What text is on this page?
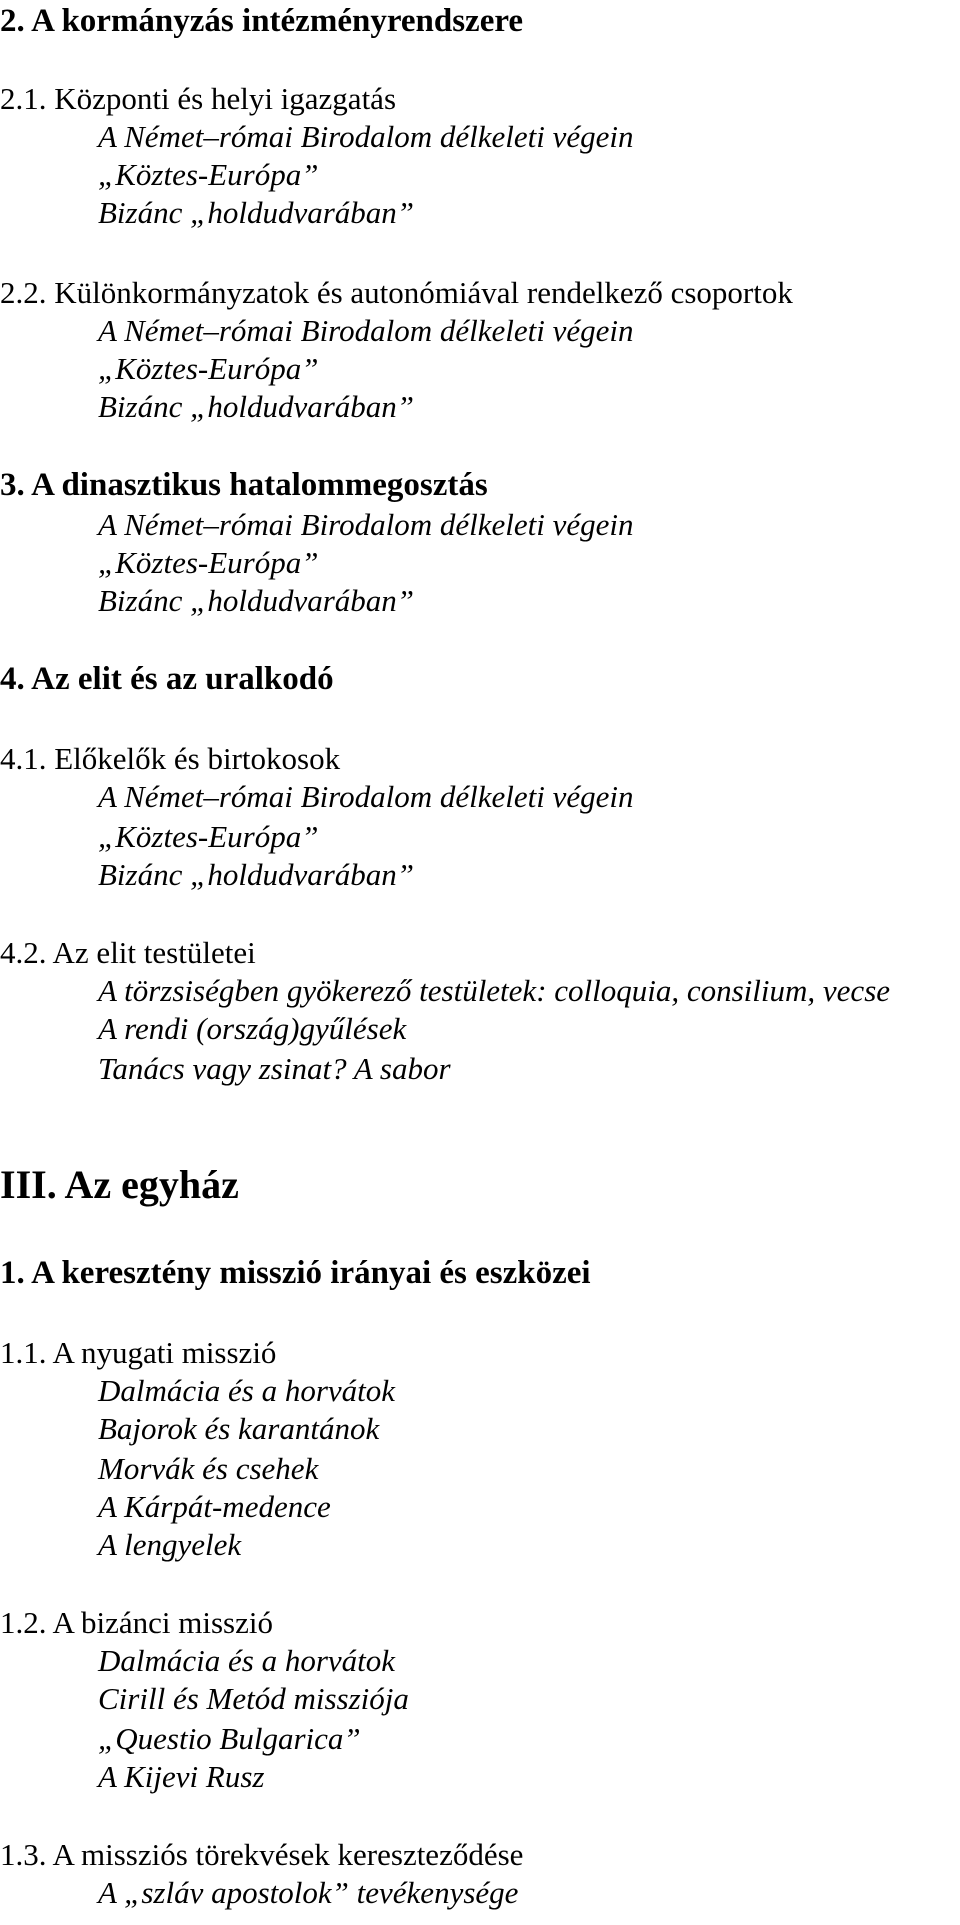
2. A kormányzás intézményrendszere
2.1. Központi és helyi igazgatás
A Német–római Birodalom délkeleti végein
„Köztes-Európa”
Bizánc „holdudvarában”
2.2. Különkormányzatok és autonómiával rendelkező csoportok
A Német–római Birodalom délkeleti végein
„Köztes-Európa”
Bizánc „holdudvarában”
3. A dinasztikus hatalommegosztás
A Német–római Birodalom délkeleti végein
„Köztes-Európa”
Bizánc „holdudvarában”
4. Az elit és az uralkodó
4.1. Előkelők és birtokosok
A Német–római Birodalom délkeleti végein
„Köztes-Európa”
Bizánc „holdudvarában”
4.2. Az elit testületei
A törzsiségben gyökerező testületek: colloquia, consilium, vecse
A rendi (ország)gyűlések
Tanács vagy zsinat? A sabor
III. Az egyház
1. A keresztény misszió irányai és eszközei
1.1. A nyugati misszió
Dalmácia és a horvátok
Bajorok és karantánok
Morvák és csehek
A Kárpát-medence
A lengyelek
1.2. A bizánci misszió
Dalmácia és a horvátok
Cirill és Metód missziója
„Questio Bulgarica”
A Kijevi Rusz
1.3. A missziós törekvések kereszteződése
A „szláv apostolok” tevékenysége
